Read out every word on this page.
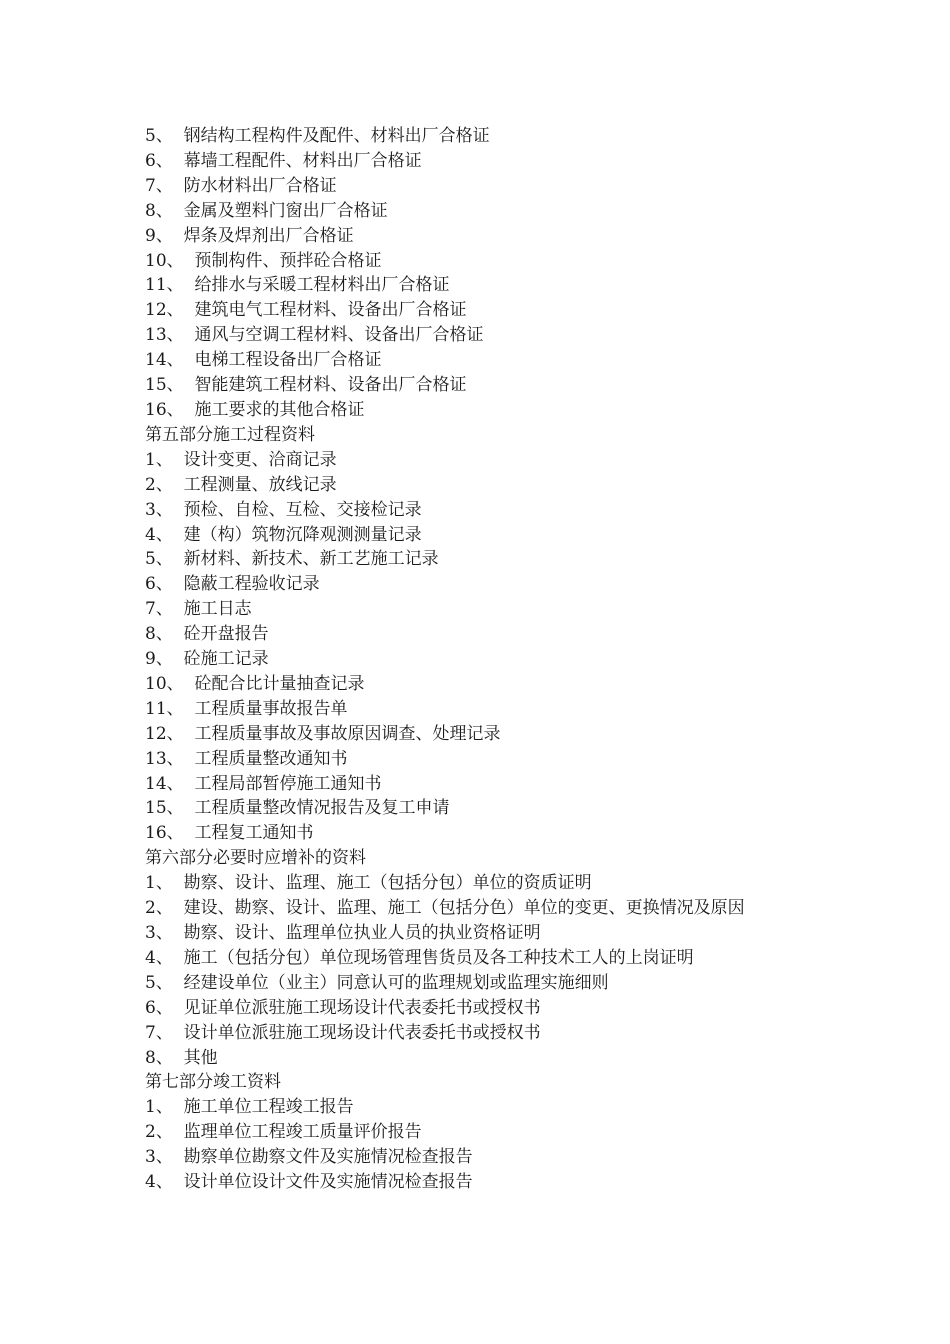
5、  钢结构工程构件及配件、材料出厂合格证
6、  幕墙工程配件、材料出厂合格证
7、  防水材料出厂合格证
8、  金属及塑料门窗出厂合格证
9、  焊条及焊剂出厂合格证
10、  预制构件、预拌砼合格证
11、  给排水与采暖工程材料出厂合格证
12、  建筑电气工程材料、设备出厂合格证
13、  通风与空调工程材料、设备出厂合格证
14、  电梯工程设备出厂合格证
15、  智能建筑工程材料、设备出厂合格证
16、  施工要求的其他合格证
第五部分施工过程资料
1、  设计变更、洽商记录
2、  工程测量、放线记录
3、  预检、自检、互检、交接检记录
4、  建（构）筑物沉降观测测量记录
5、  新材料、新技术、新工艺施工记录
6、  隐蔽工程验收记录
7、  施工日志
8、  砼开盘报告
9、  砼施工记录
10、  砼配合比计量抽查记录
11、  工程质量事故报告单
12、  工程质量事故及事故原因调查、处理记录
13、  工程质量整改通知书
14、  工程局部暂停施工通知书
15、  工程质量整改情况报告及复工申请
16、  工程复工通知书
第六部分必要时应增补的资料
1、  勘察、设计、监理、施工（包括分包）单位的资质证明
2、  建设、勘察、设计、监理、施工（包括分色）单位的变更、更换情况及原因
3、  勘察、设计、监理单位执业人员的执业资格证明
4、  施工（包括分包）单位现场管理售货员及各工种技术工人的上岗证明
5、  经建设单位（业主）同意认可的监理规划或监理实施细则
6、  见证单位派驻施工现场设计代表委托书或授权书
7、  设计单位派驻施工现场设计代表委托书或授权书
8、  其他
第七部分竣工资料
1、  施工单位工程竣工报告
2、  监理单位工程竣工质量评价报告
3、  勘察单位勘察文件及实施情况检查报告
4、  设计单位设计文件及实施情况检查报告
